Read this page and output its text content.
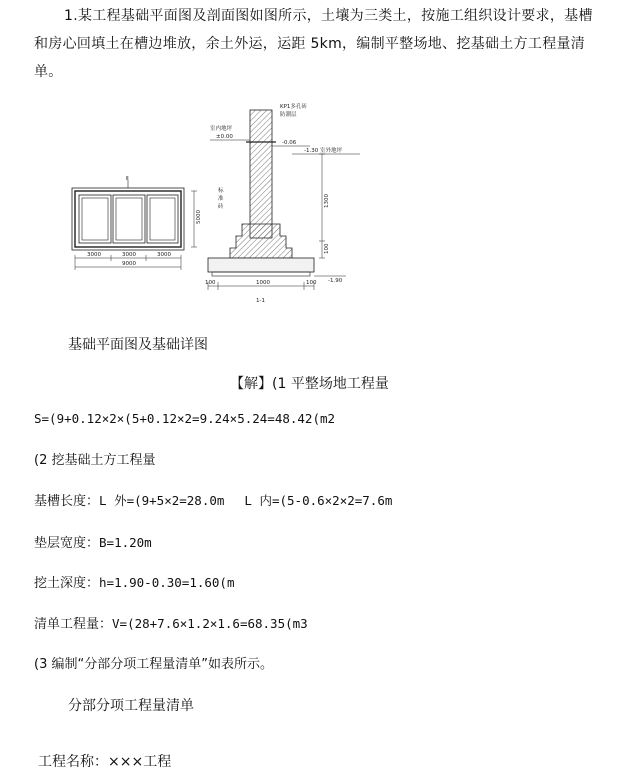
1.某工程基础平面图及剖面图如图所示，土壤为三类土，按施工组织设计要求，基槽和房心回填土在槽边堆放，余土外运，运距 5km，编制平整场地、挖基础土方工程量清单。
Ⅱ
5000
3000	3000	3000
9000
KP1多孔砖
防潮层
室内地坪
±0.00
-0.06
-1.30 室外地坪
标
准
砖	1300
100
-1.90
100	1000	100
1-1
基础平面图及基础详图
【解】(1 平整场地工程量
S=(9+0.12×2×(5+0.12×2=9.24×5.24=48.42(m2
(2 挖基础土方工程量
基槽长度：L 外=(9+5×2=28.0m　 L 内=(5-0.6×2×2=7.6m
垫层宽度：B=1.20m
挖土深度：h=1.90-0.30=1.60(m
清单工程量：V=(28+7.6×1.2×1.6=68.35(m3
(3 编制“分部分项工程量清单”如表所示。
分部分项工程量清单
工程名称：×××工程
